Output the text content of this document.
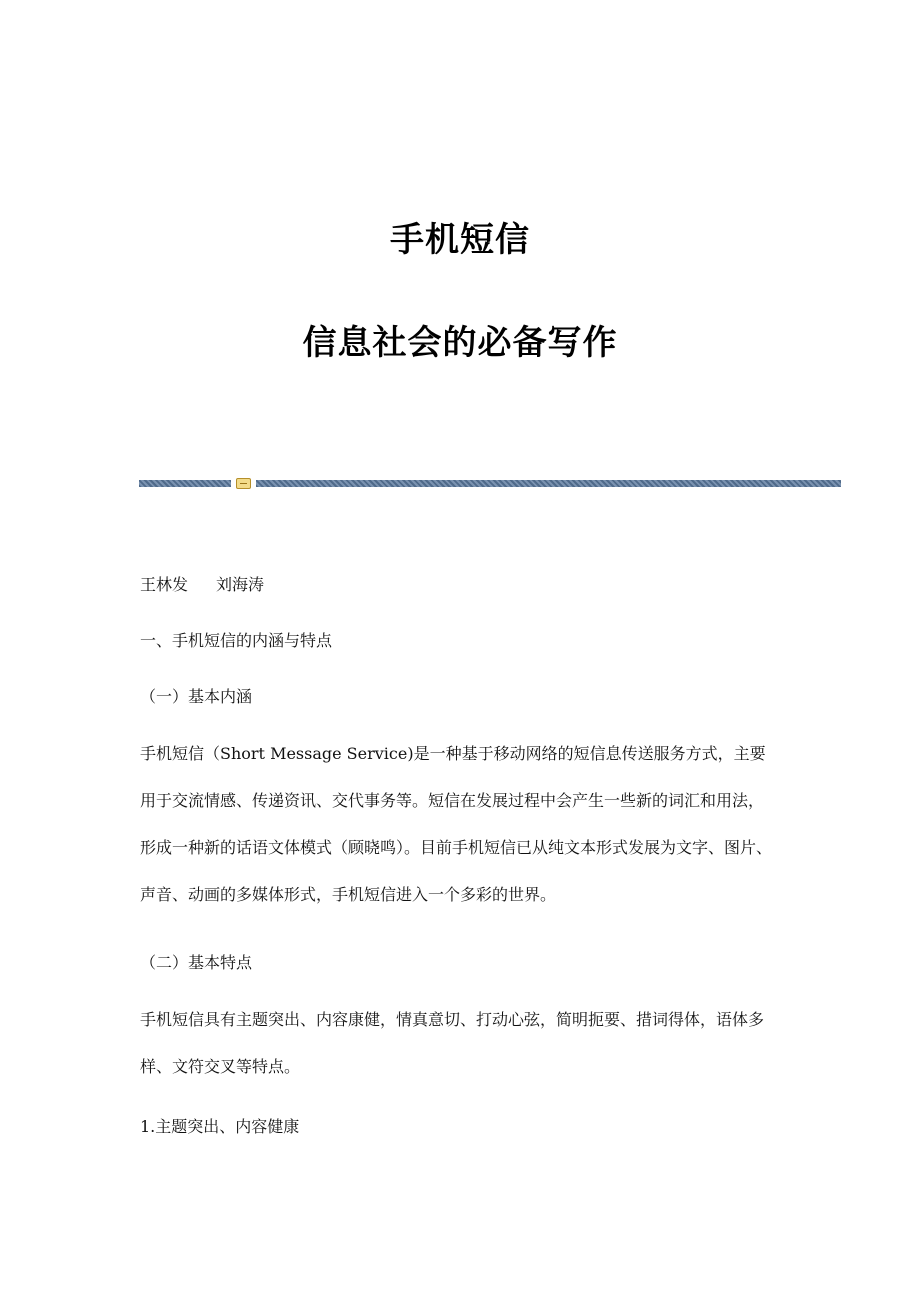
手机短信
信息社会的必备写作

王林发 刘海涛

一、手机短信的内涵与特点

（一）基本内涵

手机短信（Short Message Service)是一种基于移动网络的短信息传送服务方式，主要用于交流情感、传递资讯、交代事务等。短信在发展过程中会产生一些新的词汇和用法，形成一种新的话语文体模式（顾晓鸣）。目前手机短信已从纯文本形式发展为文字、图片、声音、动画的多媒体形式，手机短信进入一个多彩的世界。

（二）基本特点

手机短信具有主题突出、内容康健，情真意切、打动心弦，简明扼要、措词得体，语体多样、文符交叉等特点。

1.主题突出、内容健康
